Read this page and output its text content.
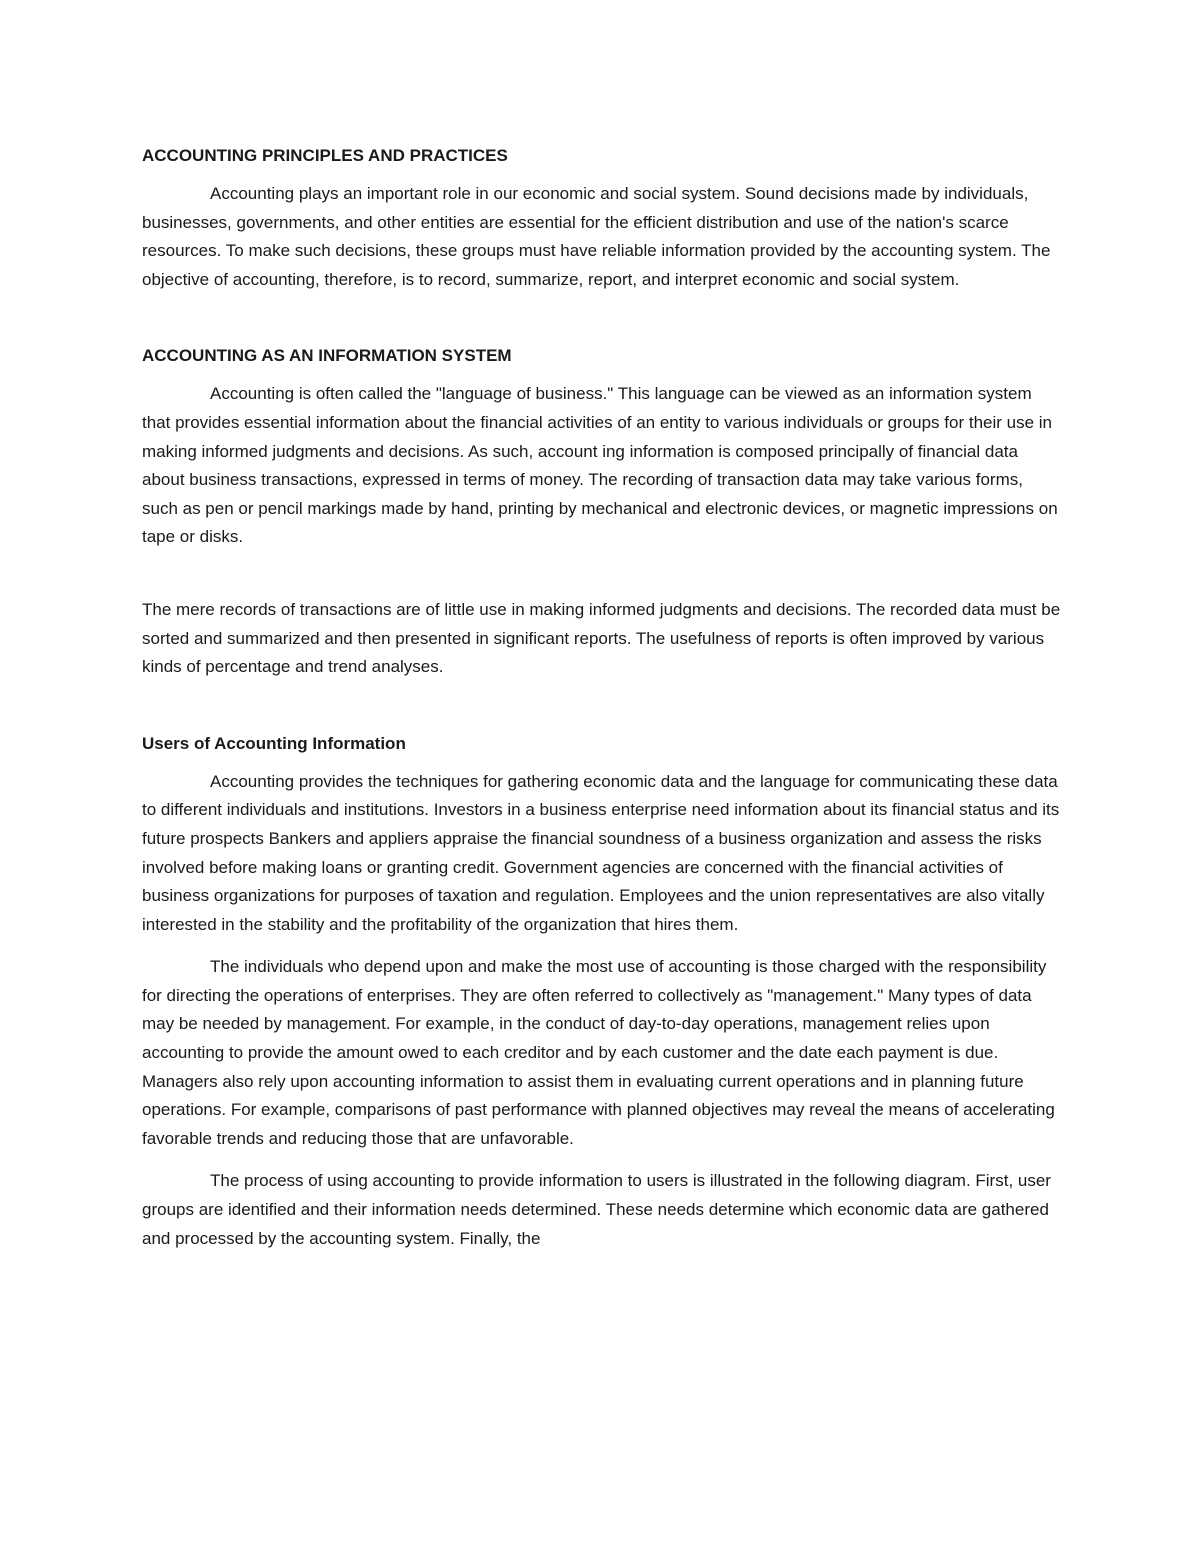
ACCOUNTING PRINCIPLES AND PRACTICES

Accounting plays an important role in our economic and social system. Sound decisions made by individuals, businesses, governments, and other entities are essential for the efficient distribution and use of the nation's scarce resources. To make such decisions, these groups must have reliable information provided by the accounting system. The objective of accounting, therefore, is to record, summarize, report, and interpret economic and social system.

ACCOUNTING AS AN INFORMATION SYSTEM

Accounting is often called the "language of business." This language can be viewed as an information system that provides essential information about the financial activities of an entity to various individuals or groups for their use in making informed judgments and decisions. As such, account ing information is composed principally of financial data about business transactions, expressed in terms of money. The recording of transaction data may take various forms, such as pen or pencil markings made by hand, printing by mechanical and electronic devices, or magnetic impressions on tape or disks.

The mere records of transactions are of little use in making informed judgments and decisions. The recorded data must be sorted and summarized and then presented in significant reports. The usefulness of reports is often improved by various kinds of percentage and trend analyses.

Users of Accounting Information

Accounting provides the techniques for gathering economic data and the language for communicating these data to different individuals and institutions. Investors in a business enterprise need information about its financial status and its future prospects Bankers and appliers appraise the financial soundness of a business organization and assess the risks involved before making loans or granting credit. Government agencies are concerned with the financial activities of business organizations for purposes of taxation and regulation. Employees and the union representatives are also vitally interested in the stability and the profitability of the organization that hires them.

The individuals who depend upon and make the most use of accounting is those charged with the responsibility for directing the operations of enterprises. They are often referred to collectively as "management." Many types of data may be needed by management. For example, in the conduct of day-to-day operations, management relies upon accounting to provide the amount owed to each creditor and by each customer and the date each payment is due. Managers also rely upon accounting information to assist them in evaluating current operations and in planning future operations. For example, comparisons of past performance with planned objectives may reveal the means of accelerating favorable trends and reducing those that are unfavorable.

The process of using accounting to provide information to users is illustrated in the following diagram. First, user groups are identified and their information needs determined. These needs determine which economic data are gathered and processed by the accounting system. Finally, the
